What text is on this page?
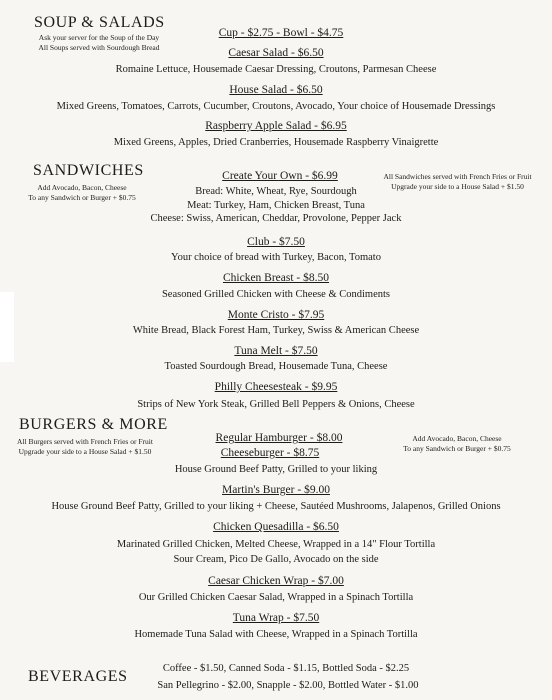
SOUP & SALADS
Ask your server for the Soup of the Day
All Soups served with Sourdough Bread
Cup - $2.75 - Bowl - $4.75
Caesar Salad - $6.50
Romaine Lettuce, Housemade Caesar Dressing, Croutons, Parmesan Cheese
House Salad - $6.50
Mixed Greens, Tomatoes, Carrots, Cucumber, Croutons, Avocado, Your choice of Housemade Dressings
Raspberry Apple Salad - $6.95
Mixed Greens, Apples, Dried Cranberries, Housemade Raspberry Vinaigrette
SANDWICHES
Add Avocado, Bacon, Cheese
To any Sandwich or Burger + $0.75
All Sandwiches served with French Fries or Fruit
Upgrade your side to a House Salad + $1.50
Create Your Own - $6.99
Bread: White, Wheat, Rye, Sourdough
Meat: Turkey, Ham, Chicken Breast, Tuna
Cheese: Swiss, American, Cheddar, Provolone, Pepper Jack
Club - $7.50
Your choice of bread with Turkey, Bacon, Tomato
Chicken Breast - $8.50
Seasoned Grilled Chicken with Cheese & Condiments
Monte Cristo - $7.95
White Bread, Black Forest Ham, Turkey, Swiss & American Cheese
Tuna Melt - $7.50
Toasted Sourdough Bread, Housemade Tuna, Cheese
Philly Cheesesteak - $9.95
Strips of New York Steak, Grilled Bell Peppers & Onions, Cheese
BURGERS & MORE
All Burgers served with French Fries or Fruit
Upgrade your side to a House Salad + $1.50
Add Avocado, Bacon, Cheese
To any Sandwich or Burger + $0.75
Regular Hamburger - $8.00
Cheeseburger - $8.75
House Ground Beef Patty, Grilled to your liking
Martin's Burger - $9.00
House Ground Beef Patty, Grilled to your liking + Cheese, Sautéed Mushrooms, Jalapenos, Grilled Onions
Chicken Quesadilla - $6.50
Marinated Grilled Chicken, Melted Cheese, Wrapped in a 14" Flour Tortilla
Sour Cream, Pico De Gallo, Avocado on the side
Caesar Chicken Wrap - $7.00
Our Grilled Chicken Caesar Salad, Wrapped in a Spinach Tortilla
Tuna Wrap - $7.50
Homemade Tuna Salad with Cheese, Wrapped in a Spinach Tortilla
BEVERAGES	Coffee - $1.50, Canned Soda - $1.15, Bottled Soda - $2.25
San Pellegrino - $2.00, Snapple - $2.00, Bottled Water - $1.00
